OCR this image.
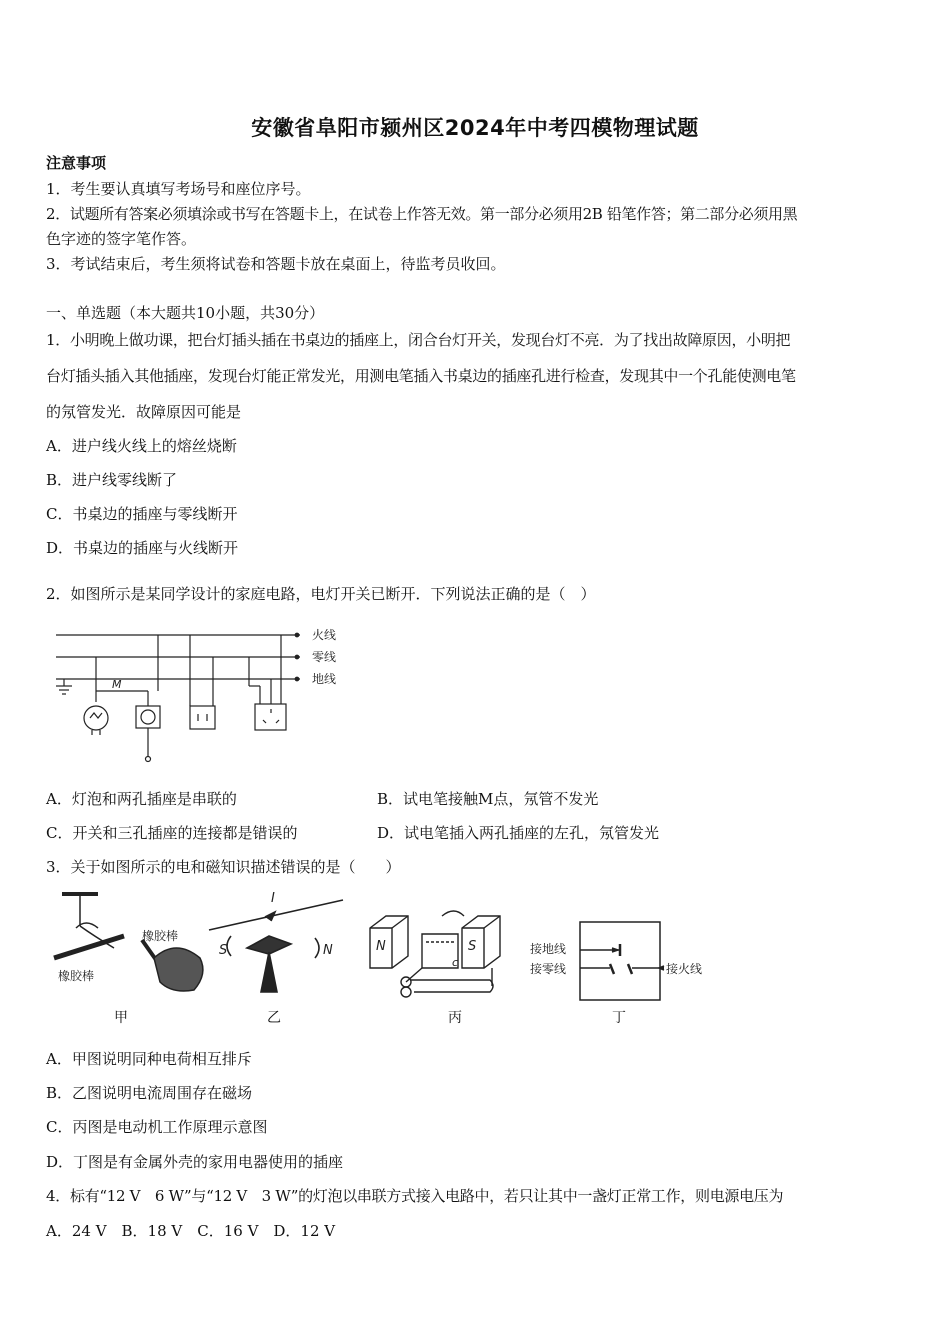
安徽省阜阳市颍州区2024年中考四模物理试题
注意事项
1．考生要认真填写考场号和座位序号。
2．试题所有答案必须填涂或书写在答题卡上，在试卷上作答无效。第一部分必须用2B 铅笔作答；第二部分必须用黑
色字迹的签字笔作答。
3．考试结束后，考生须将试卷和答题卡放在桌面上，待监考员收回。
一、单选题（本大题共10小题，共30分）
1．小明晚上做功课，把台灯插头插在书桌边的插座上，闭合台灯开关，发现台灯不亮．为了找出故障原因，小明把
台灯插头插入其他插座，发现台灯能正常发光，用测电笔插入书桌边的插座孔进行检查，发现其中一个孔能使测电笔
的氖管发光．故障原因可能是
A．进户线火线上的熔丝烧断
B．进户线零线断了
C．书桌边的插座与零线断开
D．书桌边的插座与火线断开
2．如图所示是某同学设计的家庭电路，电灯开关已断开．下列说法正确的是（　）
火线
零线
地线
M
A．灯泡和两孔插座是串联的	B．试电笔接触M点，氖管不发光
C．开关和三孔插座的连接都是错误的	D．试电笔插入两孔插座的左孔，氖管发光
3．关于如图所示的电和磁知识描述错误的是（　　）
橡胶棒
橡胶棒
I
S	N	N	S
c
接地线
接零线	接火线
甲	乙	丙	丁
A．甲图说明同种电荷相互排斥
B．乙图说明电流周围存在磁场
C．丙图是电动机工作原理示意图
D．丁图是有金属外壳的家用电器使用的插座
4．标有“12 V　6 W”与“12 V　3 W”的灯泡以串联方式接入电路中，若只让其中一盏灯正常工作，则电源电压为
A．24 V　B．18 V　C．16 V　D．12 V
